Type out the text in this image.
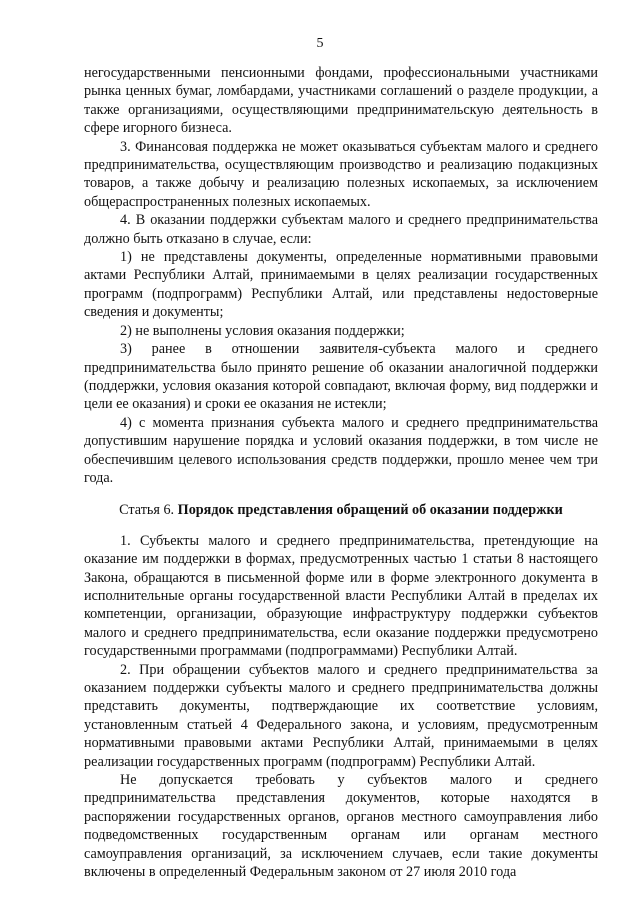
5

негосударственными пенсионными фондами, профессиональными участниками рынка ценных бумаг, ломбардами, участниками соглашений о разделе продукции, а также организациями, осуществляющими предпринимательскую деятельность в сфере игорного бизнеса.

3. Финансовая поддержка не может оказываться субъектам малого и среднего предпринимательства, осуществляющим производство и реализацию подакцизных товаров, а также добычу и реализацию полезных ископаемых, за исключением общераспространенных полезных ископаемых.

4. В оказании поддержки субъектам малого и среднего предпринимательства должно быть отказано в случае, если:

1) не представлены документы, определенные нормативными правовыми актами Республики Алтай, принимаемыми в целях реализации государственных программ (подпрограмм) Республики Алтай, или представлены недостоверные сведения и документы;

2) не выполнены условия оказания поддержки;

3) ранее в отношении заявителя-субъекта малого и среднего предпринимательства было принято решение об оказании аналогичной поддержки (поддержки, условия оказания которой совпадают, включая форму, вид поддержки и цели ее оказания) и сроки ее оказания не истекли;

4) с момента признания субъекта малого и среднего предпринимательства допустившим нарушение порядка и условий оказания поддержки, в том числе не обеспечившим целевого использования средств поддержки, прошло менее чем три года.

Статья 6. Порядок представления обращений об оказании поддержки

1. Субъекты малого и среднего предпринимательства, претендующие на оказание им поддержки в формах, предусмотренных частью 1 статьи 8 настоящего Закона, обращаются в письменной форме или в форме электронного документа в исполнительные органы государственной власти Республики Алтай в пределах их компетенции, организации, образующие инфраструктуру поддержки субъектов малого и среднего предпринимательства, если оказание поддержки предусмотрено государственными программами (подпрограммами) Республики Алтай.

2. При обращении субъектов малого и среднего предпринимательства за оказанием поддержки субъекты малого и среднего предпринимательства должны представить документы, подтверждающие их соответствие условиям, установленным статьей 4 Федерального закона, и условиям, предусмотренным нормативными правовыми актами Республики Алтай, принимаемыми в целях реализации государственных программ (подпрограмм) Республики Алтай.

Не допускается требовать у субъектов малого и среднего предпринимательства представления документов, которые находятся в распоряжении государственных органов, органов местного самоуправления либо подведомственных государственным органам или органам местного самоуправления организаций, за исключением случаев, если такие документы включены в определенный Федеральным законом от 27 июля 2010 года
